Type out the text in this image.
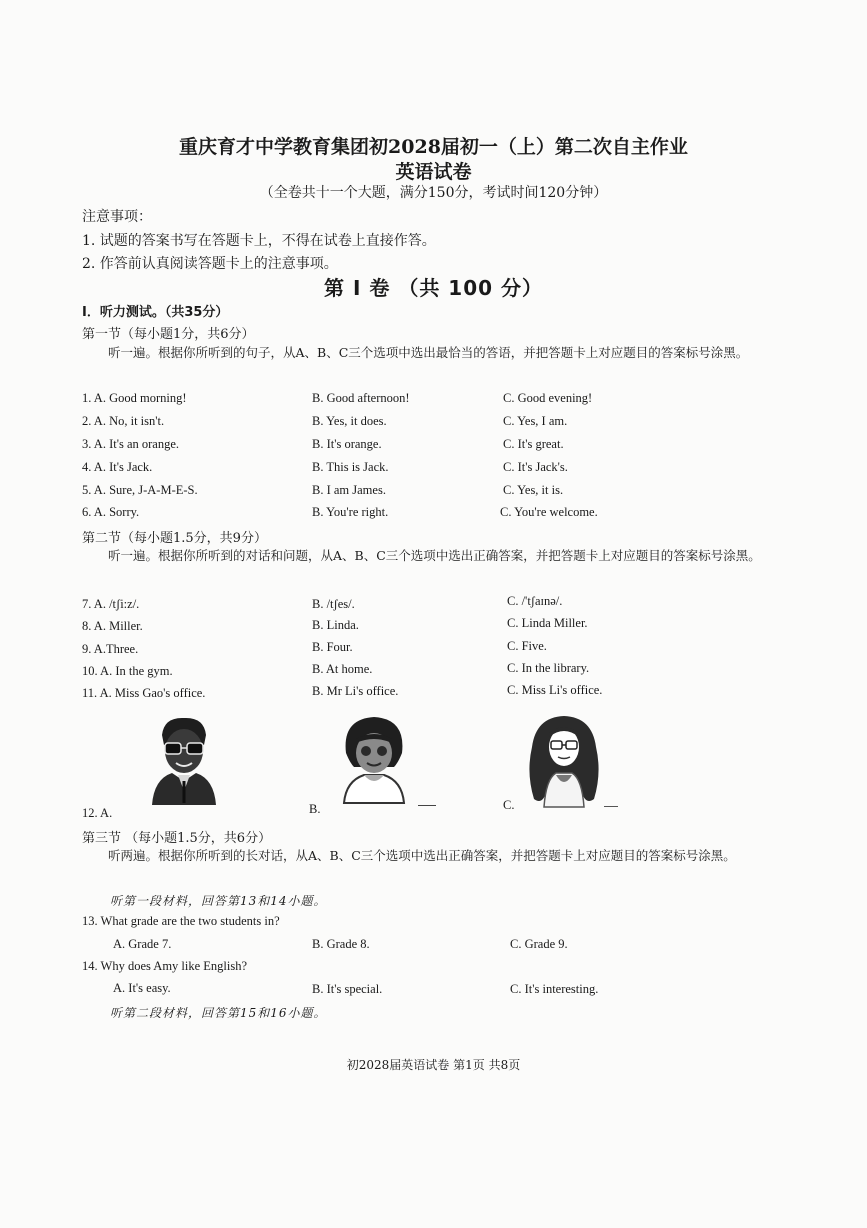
重庆育才中学教育集团初2028届初一（上）第二次自主作业
英语试卷
（全卷共十一个大题，满分150分，考试时间120分钟）
注意事项：
1. 试题的答案书写在答题卡上，不得在试卷上直接作答。
2. 作答前认真阅读答题卡上的注意事项。
第 I 卷 （共 100 分）
I．听力测试。（共35分）
第一节（每小题1分，共6分）
听一遍。根据你所听到的句子，从A、B、C三个选项中选出最恰当的答语，并把答题卡上对应题目的答案标号涂黑。
1. A. Good morning!	B. Good afternoon!	C. Good evening!
2. A. No, it isn't.	B. Yes, it does.	C. Yes, I am.
3. A. It's an orange.	B. It's orange.	C. It's great.
4. A. It's Jack.	B. This is Jack.	C. It's Jack's.
5. A. Sure, J-A-M-E-S.	B. I am James.	C. Yes, it is.
6. A. Sorry.	B. You're right.	C. You're welcome.
第二节（每小题1.5分，共9分）
听一遍。根据你所听到的对话和问题，从A、B、C三个选项中选出正确答案，并把答题卡上对应题目的答案标号涂黑。
7. A. /tʃi:z/.	B. /tʃes/.	C. /'tʃaɪnə/.
8. A. Miller.	B. Linda.	C. Linda Miller.
9. A.Three.	B. Four.	C. Five.
10. A. In the gym.	B. At home.	C. In the library.
11. A. Miss Gao's office.	B. Mr Li's office.	C. Miss Li's office.
12. A.	B.	C.
第三节 （每小题1.5分，共6分）
听两遍。根据你所听到的长对话，从A、B、C三个选项中选出正确答案，并把答题卡上对应题目的答案标号涂黑。
听第一段材料，回答第13和14小题。
13. What grade are the two students in?
A. Grade 7.	B. Grade 8.	C. Grade 9.
14. Why does Amy like English?
A. It's easy.	B. It's special.	C. It's interesting.
听第二段材料，回答第15和16小题。
初2028届英语试卷 第1页 共8页
